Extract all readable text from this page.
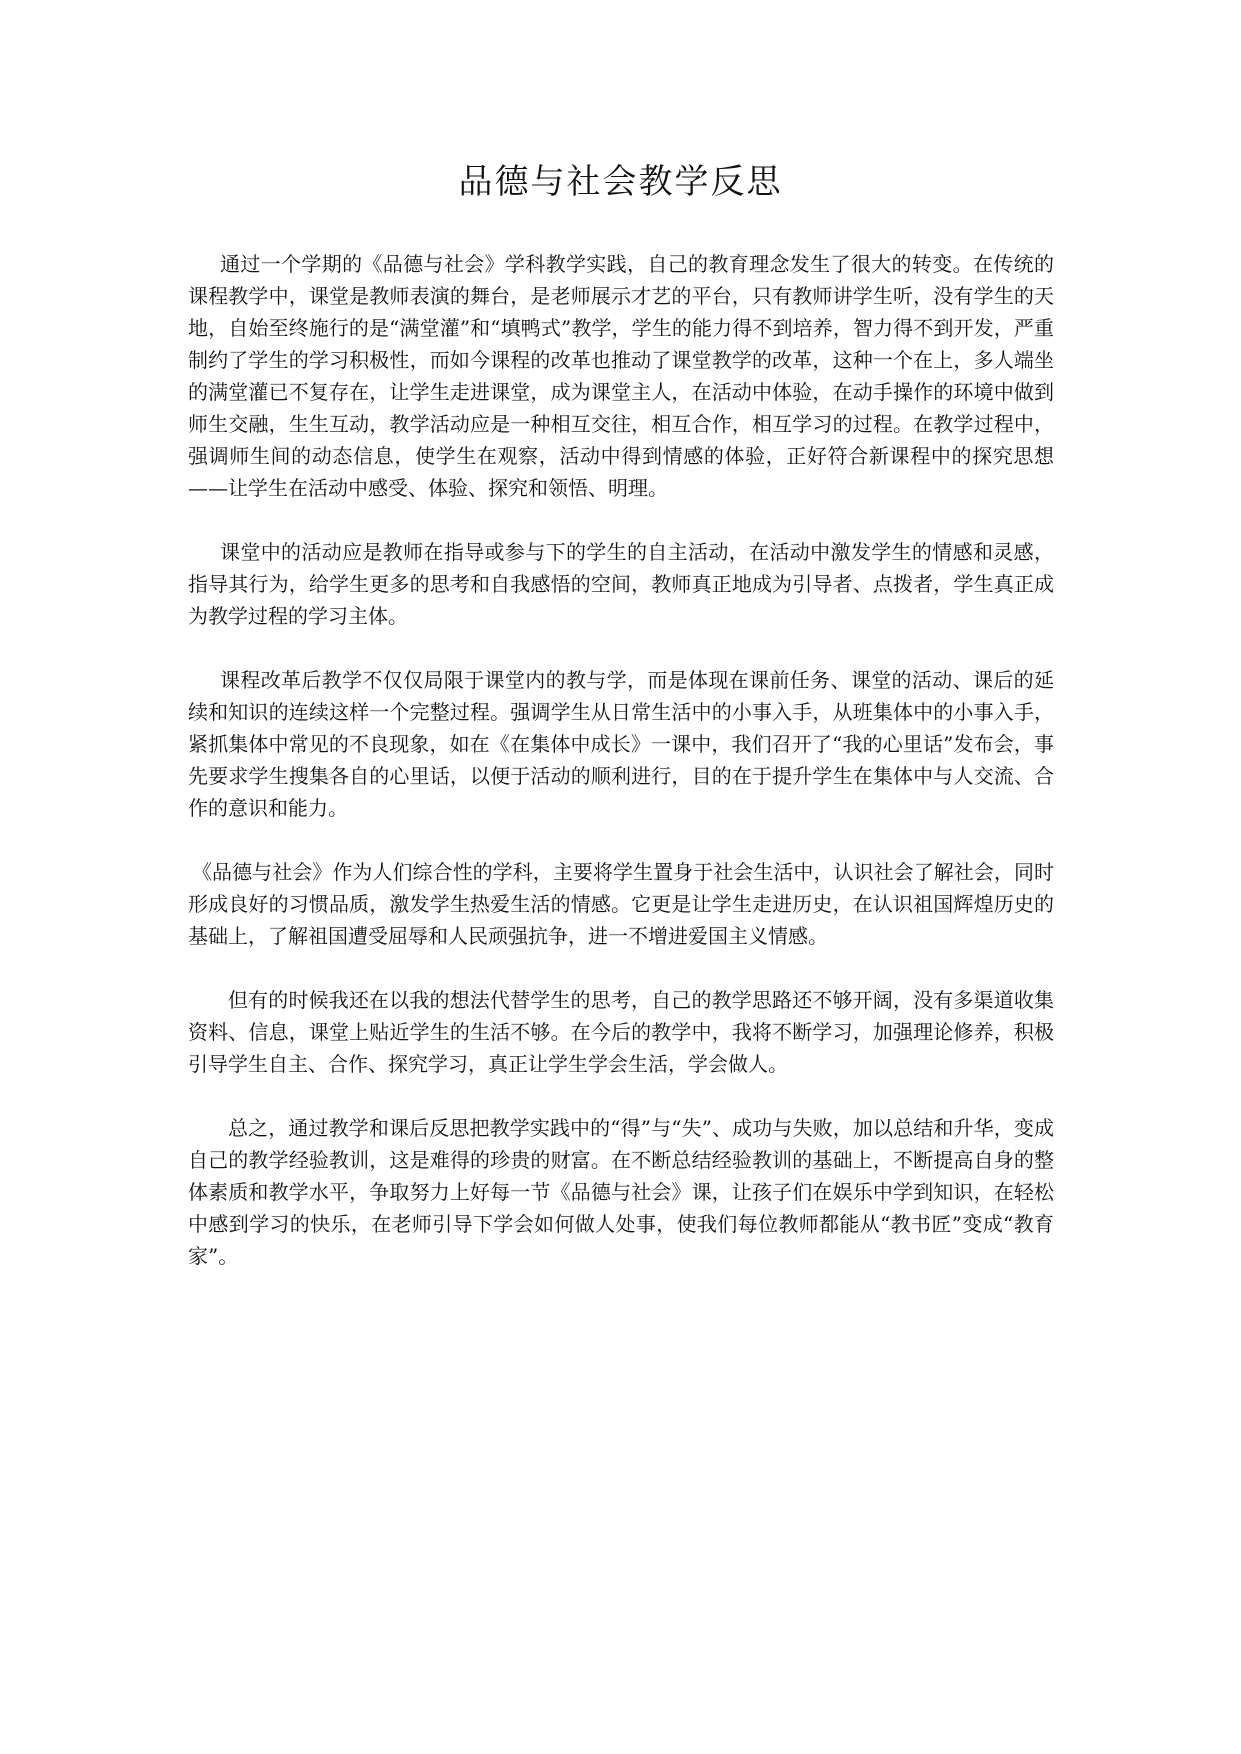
品德与社会教学反思

通过一个学期的《品德与社会》学科教学实践，自己的教育理念发生了很大的转变。在传统的课程教学中，课堂是教师表演的舞台，是老师展示才艺的平台，只有教师讲学生听，没有学生的天地，自始至终施行的是“满堂灌”和“填鸭式”教学，学生的能力得不到培养，智力得不到开发，严重制约了学生的学习积极性，而如今课程的改革也推动了课堂教学的改革，这种一个在上，多人端坐的满堂灌已不复存在，让学生走进课堂，成为课堂主人，在活动中体验，在动手操作的环境中做到师生交融，生生互动，教学活动应是一种相互交往，相互合作，相互学习的过程。在教学过程中，强调师生间的动态信息，使学生在观察，活动中得到情感的体验，正好符合新课程中的探究思想——让学生在活动中感受、体验、探究和领悟、明理。

课堂中的活动应是教师在指导或参与下的学生的自主活动，在活动中激发学生的情感和灵感，指导其行为，给学生更多的思考和自我感悟的空间，教师真正地成为引导者、点拨者，学生真正成为教学过程的学习主体。

课程改革后教学不仅仅局限于课堂内的教与学，而是体现在课前任务、课堂的活动、课后的延续和知识的连续这样一个完整过程。强调学生从日常生活中的小事入手，从班集体中的小事入手，紧抓集体中常见的不良现象，如在《在集体中成长》一课中，我们召开了“我的心里话”发布会，事先要求学生搜集各自的心里话，以便于活动的顺利进行，目的在于提升学生在集体中与人交流、合作的意识和能力。

《品德与社会》作为人们综合性的学科，主要将学生置身于社会生活中，认识社会了解社会，同时形成良好的习惯品质，激发学生热爱生活的情感。它更是让学生走进历史，在认识祖国辉煌历史的基础上，了解祖国遭受屈辱和人民顽强抗争，进一不增进爱国主义情感。

但有的时候我还在以我的想法代替学生的思考，自己的教学思路还不够开阔，没有多渠道收集资料、信息，课堂上贴近学生的生活不够。在今后的教学中，我将不断学习，加强理论修养，积极引导学生自主、合作、探究学习，真正让学生学会生活，学会做人。

总之，通过教学和课后反思把教学实践中的“得”与“失”、成功与失败，加以总结和升华，变成自己的教学经验教训，这是难得的珍贵的财富。在不断总结经验教训的基础上，不断提高自身的整体素质和教学水平，争取努力上好每一节《品德与社会》课，让孩子们在娱乐中学到知识，在轻松中感到学习的快乐，在老师引导下学会如何做人处事，使我们每位教师都能从“教书匠”变成“教育家”。
